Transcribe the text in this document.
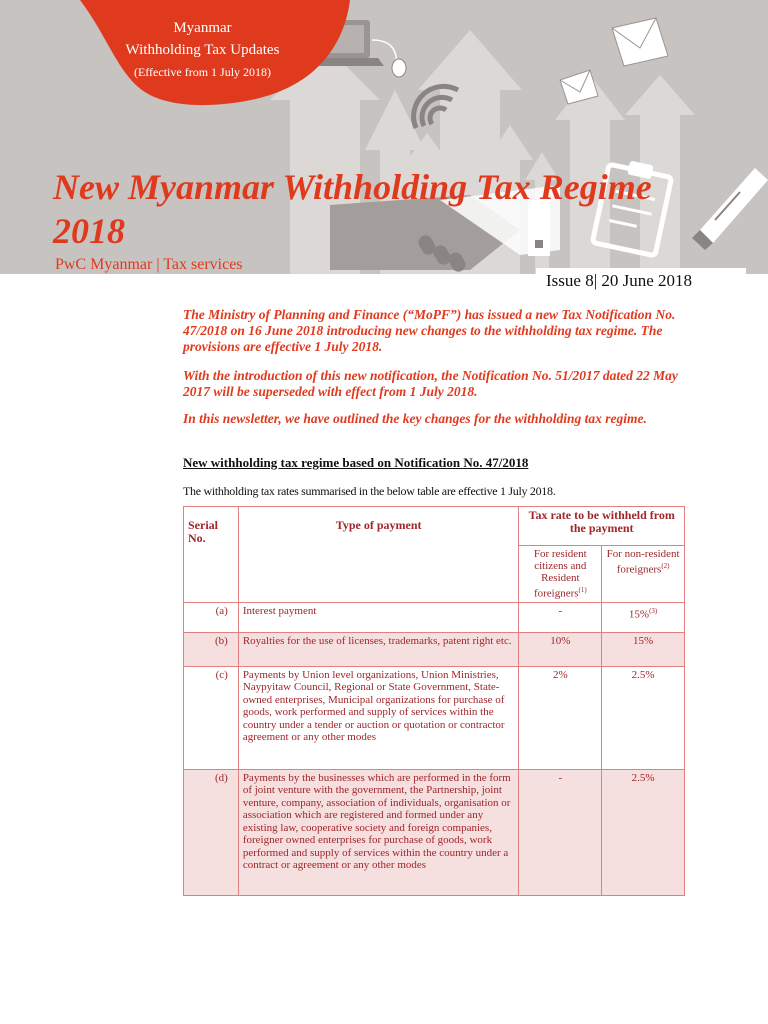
Myanmar
Withholding Tax Updates
(Effective from 1 July 2018)
New Myanmar Withholding Tax Regime 2018
PwC Myanmar | Tax services
Issue 8| 20 June 2018
The Ministry of Planning and Finance (“MoPF”) has issued a new Tax Notification No. 47/2018 on 16 June 2018 introducing new changes to the withholding tax regime. The provisions are effective 1 July 2018.
With the introduction of this new notification, the Notification No. 51/2017 dated 22 May 2017 will be superseded with effect from 1 July 2018.
In this newsletter, we have outlined the key changes for the withholding tax regime.
New withholding tax regime based on Notification No. 47/2018
The withholding tax rates summarised in the below table are effective 1 July 2018.
Serial No.	Type of payment	Tax rate to be withheld from the payment	
		For resident citizens and Resident foreigners$^{(1)}$	For non-resident foreigners$^{(2)}$
(a)	Interest payment	-	15%$^{(3)}$
(b)	Royalties for the use of licenses, trademarks, patent right etc.	10%	15%
(c)	Payments by Union level organizations, Union Ministries, Naypyitaw Council, Regional or State Government, State-owned enterprises, Municipal organizations for purchase of goods, work performed and supply of services within the country under a tender or auction or quotation or contractor agreement or any other modes	2%	2.5%
(d)	Payments by the businesses which are performed in the form of joint venture with the government, the Partnership, joint venture, company, association of individuals, organisation or association which are registered and formed under any existing law, cooperative society and foreign companies, foreigner owned enterprises for purchase of goods, work performed and supply of services within the country under a contract or agreement or any other modes	-	2.5%
